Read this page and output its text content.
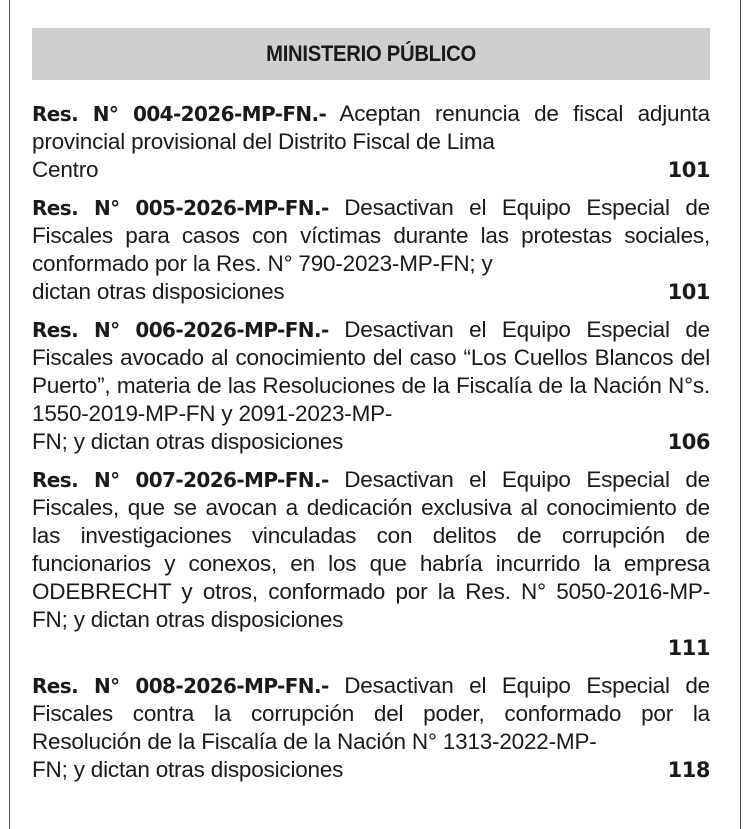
MINISTERIO PÚBLICO
Res. N° 004-2026-MP-FN.- Aceptan renuncia de fiscal adjunta provincial provisional del Distrito Fiscal de Lima
Centro	101
Res. N° 005-2026-MP-FN.- Desactivan el Equipo Especial de Fiscales para casos con víctimas durante las protestas sociales, conformado por la Res. N° 790-2023-MP-FN; y
dictan otras disposiciones	101
Res. N° 006-2026-MP-FN.- Desactivan el Equipo Especial de Fiscales avocado al conocimiento del caso “Los Cuellos Blancos del Puerto”, materia de las Resoluciones de la Fiscalía de la Nación N°s. 1550-2019-MP-FN y 2091-2023-MP-
FN; y dictan otras disposiciones	106
Res. N° 007-2026-MP-FN.- Desactivan el Equipo Especial de Fiscales, que se avocan a dedicación exclusiva al conocimiento de las investigaciones vinculadas con delitos de corrupción de funcionarios y conexos, en los que habría incurrido la empresa ODEBRECHT y otros, conformado por la Res. N° 5050-2016-MP-FN; y dictan otras disposiciones
111
Res. N° 008-2026-MP-FN.- Desactivan el Equipo Especial de Fiscales contra la corrupción del poder, conformado por la Resolución de la Fiscalía de la Nación N° 1313-2022-MP-
FN; y dictan otras disposiciones	118
